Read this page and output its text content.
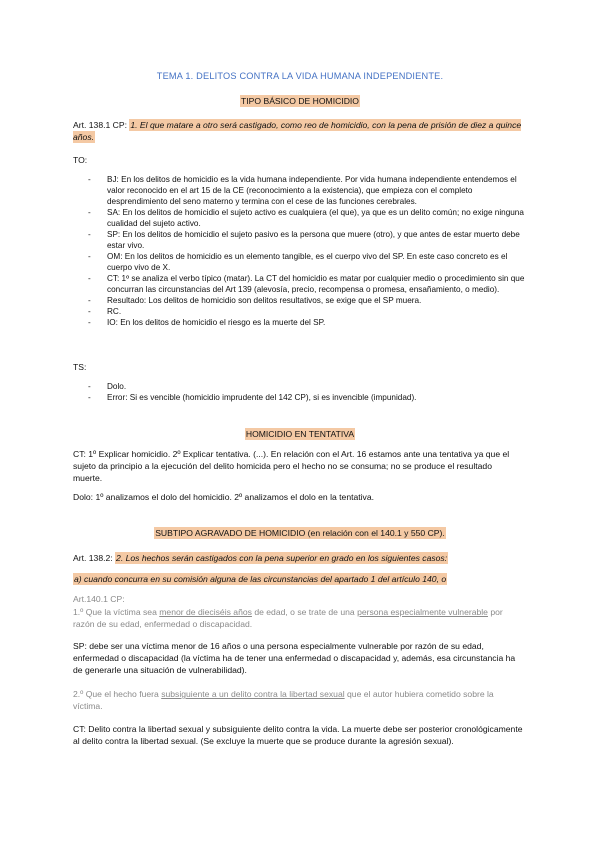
TEMA 1. DELITOS CONTRA LA VIDA HUMANA INDEPENDIENTE.
TIPO BÁSICO DE HOMICIDIO
Art. 138.1 CP: 1. El que matare a otro será castigado, como reo de homicidio, con la pena de prisión de diez a quince años.
TO:
- BJ: En los delitos de homicidio es la vida humana independiente. Por vida humana independiente entendemos el valor reconocido en el art 15 de la CE (reconocimiento a la existencia), que empieza con el completo desprendimiento del seno materno y termina con el cese de las funciones cerebrales.
- SA: En los delitos de homicidio el sujeto activo es cualquiera (el que), ya que es un delito común; no exige ninguna cualidad del sujeto activo.
- SP: En los delitos de homicidio el sujeto pasivo es la persona que muere (otro), y que antes de estar muerto debe estar vivo.
- OM: En los delitos de homicidio es un elemento tangible, es el cuerpo vivo del SP. En este caso concreto es el cuerpo vivo de X.
- CT: 1º se analiza el verbo típico (matar). La CT del homicidio es matar por cualquier medio o procedimiento sin que concurran las circunstancias del Art 139 (alevosía, precio, recompensa o promesa, ensañamiento, o medio).
- Resultado: Los delitos de homicidio son delitos resultativos, se exige que el SP muera.
- RC.
- IO: En los delitos de homicidio el riesgo es la muerte del SP.
TS:
- Dolo.
- Error: Si es vencible (homicidio imprudente del 142 CP), si es invencible (impunidad).
HOMICIDIO EN TENTATIVA
CT: 1º Explicar homicidio. 2º Explicar tentativa. (...). En relación con el Art. 16 estamos ante una tentativa ya que el sujeto da principio a la ejecución del delito homicida pero el hecho no se consuma; no se produce el resultado muerte.
Dolo: 1º analizamos el dolo del homicidio. 2º analizamos el dolo en la tentativa.
SUBTIPO AGRAVADO DE HOMICIDIO (en relación con el 140.1 y 550 CP).
Art. 138.2: 2. Los hechos serán castigados con la pena superior en grado en los siguientes casos:
a) cuando concurra en su comisión alguna de las circunstancias del apartado 1 del artículo 140, o
Art.140.1 CP:
1.º Que la víctima sea menor de dieciséis años de edad, o se trate de una persona especialmente vulnerable por razón de su edad, enfermedad o discapacidad.
SP: debe ser una víctima menor de 16 años o una persona especialmente vulnerable por razón de su edad, enfermedad o discapacidad (la víctima ha de tener una enfermedad o discapacidad y, además, esa circunstancia ha de generarle una situación de vulnerabilidad).
2.º Que el hecho fuera subsiguiente a un delito contra la libertad sexual que el autor hubiera cometido sobre la víctima.
CT: Delito contra la libertad sexual y subsiguiente delito contra la vida. La muerte debe ser posterior cronológicamente al delito contra la libertad sexual. (Se excluye la muerte que se produce durante la agresión sexual).
